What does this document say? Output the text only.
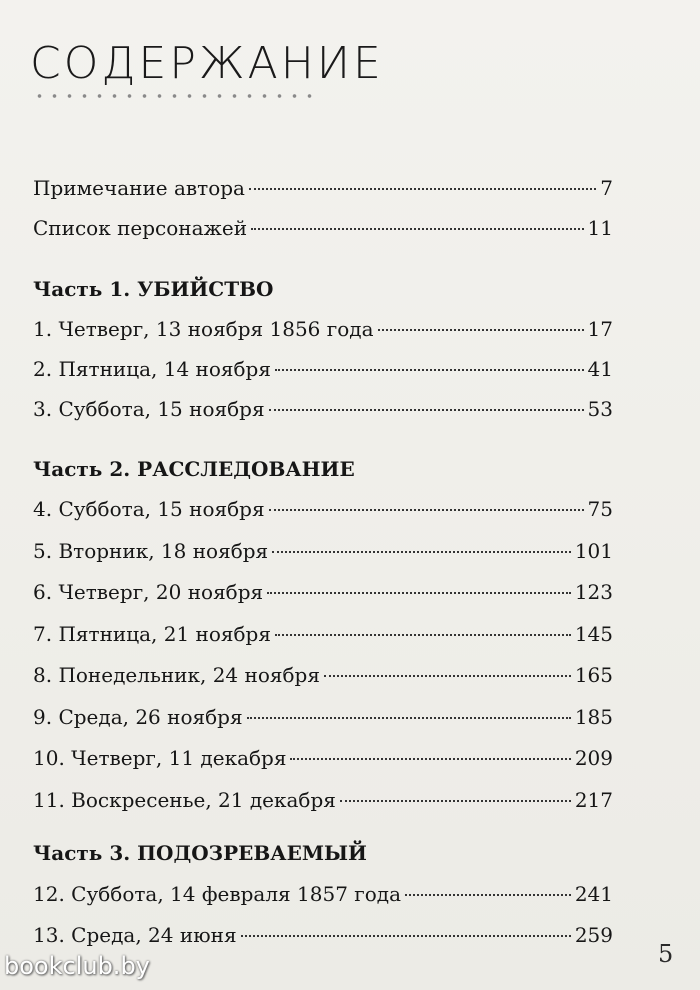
СОДЕРЖАНИЕ
Примечание автора	7
Список персонажей	11
Часть 1. УБИЙСТВО
1. Четверг, 13 ноября 1856 года	17
2. Пятница, 14 ноября	41
3. Суббота, 15 ноября	53
Часть 2. РАССЛЕДОВАНИЕ
4. Суббота, 15 ноября	75
5. Вторник, 18 ноября	101
6. Четверг, 20 ноября	123
7. Пятница, 21 ноября	145
8. Понедельник, 24 ноября	165
9. Среда, 26 ноября	185
10. Четверг, 11 декабря	209
11. Воскресенье, 21 декабря	217
Часть 3. ПОДОЗРЕВАЕМЫЙ
12. Суббота, 14 февраля 1857 года	241
13. Среда, 24 июня	259
5
bookclub.by
